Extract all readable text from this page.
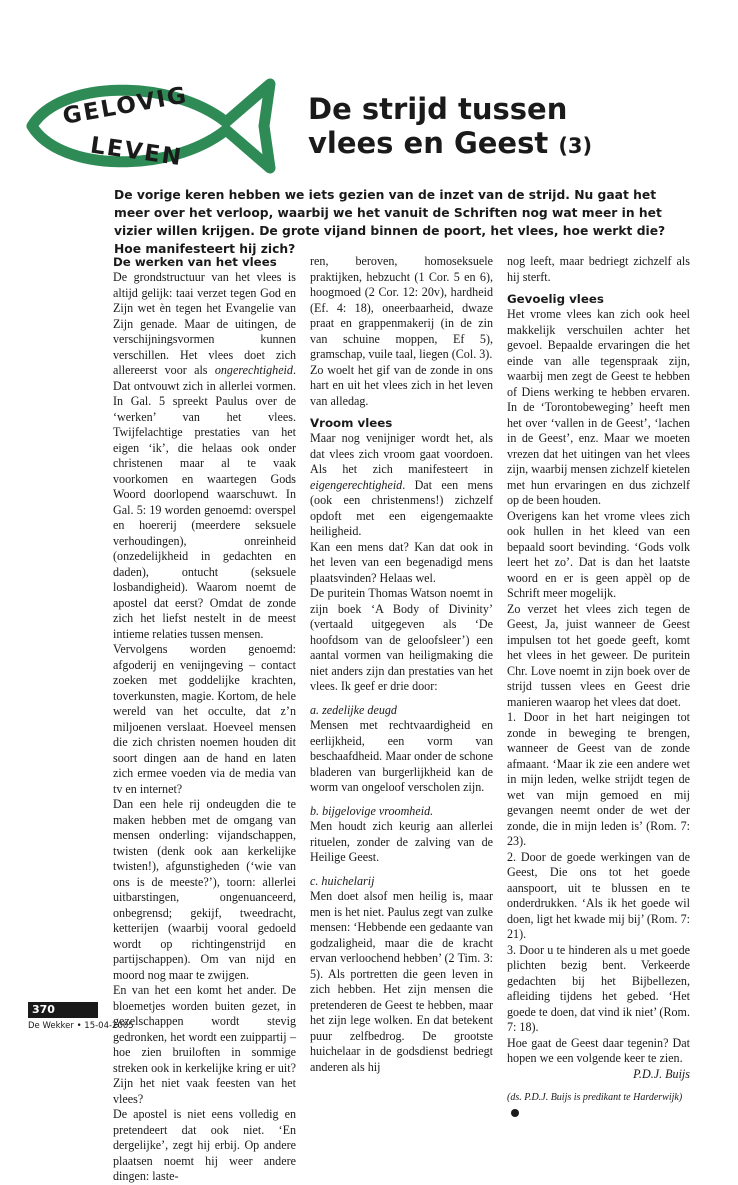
GELOVIG
LEVEN
De strijd tussen
vlees en Geest (3)

De vorige keren hebben we iets gezien van de inzet van de strijd. Nu gaat het meer over het verloop, waarbij we het vanuit de Schriften nog wat meer in het vizier willen krijgen. De grote vijand binnen de poort, het vlees, hoe werkt die? Hoe manifesteert hij zich?

De werken van het vlees

De grondstructuur van het vlees is altijd gelijk: taai verzet tegen God en Zijn wet èn tegen het Evangelie van Zijn genade. Maar de uitingen, de verschijningsvormen kunnen verschillen. Het vlees doet zich allereerst voor als ongerechtigheid. Dat ontvouwt zich in allerlei vormen. In Gal. 5 spreekt Paulus over de ‘werken’ van het vlees. Twijfelachtige prestaties van het eigen ‘ik’, die helaas ook onder christenen maar al te vaak voorkomen en waartegen Gods Woord doorlopend waarschuwt. In Gal. 5: 19 worden genoemd: overspel en hoererij (meerdere seksuele verhoudingen), onreinheid (onzedelijkheid in gedachten en daden), ontucht (seksuele losbandigheid). Waarom noemt de apostel dat eerst? Omdat de zonde zich het liefst nestelt in de meest intieme relaties tussen mensen.

Vervolgens worden genoemd: afgoderij en venijngeving – contact zoeken met goddelijke krachten, toverkunsten, magie. Kortom, de hele wereld van het occulte, dat z’n miljoenen verslaat. Hoeveel mensen die zich christen noemen houden dit soort dingen aan de hand en laten zich ermee voeden via de media van tv en internet?

Dan een hele rij ondeugden die te maken hebben met de omgang van mensen onderling: vijandschappen, twisten (denk ook aan kerkelijke twisten!), afgunstigheden (‘wie van ons is de meeste?’), toorn: allerlei uitbarstingen, ongenuanceerd, onbegrensd; gekijf, tweedracht, ketterijen (waarbij vooral gedoeld wordt op richtingenstrijd en partijschappen). Om van nijd en moord nog maar te zwijgen.

En van het een komt het ander. De bloemetjes worden buiten gezet, in gezelschappen wordt stevig gedronken, het wordt een zuippartij – hoe zien bruiloften in sommige streken ook in kerkelijke kring er uit? Zijn het niet vaak feesten van het vlees?

De apostel is niet eens volledig en pretendeert dat ook niet. ‘En dergelijke’, zegt hij erbij. Op andere plaatsen noemt hij weer andere dingen: laste-

ren, beroven, homoseksuele praktijken, hebzucht (1 Cor. 5 en 6), hoogmoed (2 Cor. 12: 20v), hardheid (Ef. 4: 18), oneerbaarheid, dwaze praat en grappenmakerij (in de zin van schuine moppen, Ef 5), gramschap, vuile taal, liegen (Col. 3).

Zo woelt het gif van de zonde in ons hart en uit het vlees zich in het leven van alledag.

Vroom vlees

Maar nog venijniger wordt het, als dat vlees zich vroom gaat voordoen. Als het zich manifesteert in eigengerechtigheid. Dat een mens (ook een christenmens!) zichzelf opdoft met een eigengemaakte heiligheid.

Kan een mens dat? Kan dat ook in het leven van een begenadigd mens plaatsvinden? Helaas wel.

De puritein Thomas Watson noemt in zijn boek ‘A Body of Divinity’ (vertaald uitgegeven als ‘De hoofdsom van de geloofsleer’) een aantal vormen van heiligmaking die niet anders zijn dan prestaties van het vlees. Ik geef er drie door:

a. zedelijke deugd

Mensen met rechtvaardigheid en eerlijkheid, een vorm van beschaafdheid. Maar onder de schone bladeren van burgerlijkheid kan de worm van ongeloof verscholen zijn.

b. bijgelovige vroomheid.

Men houdt zich keurig aan allerlei rituelen, zonder de zalving van de Heilige Geest.

c. huichelarij

Men doet alsof men heilig is, maar men is het niet. Paulus zegt van zulke mensen: ‘Hebbende een gedaante van godzaligheid, maar die de kracht ervan verloochend hebben’ (2 Tim. 3: 5). Als portretten die geen leven in zich hebben. Het zijn mensen die pretenderen de Geest te hebben, maar het zijn lege wolken. En dat betekent puur zelfbedrog. De grootste huichelaar in de godsdienst bedriegt anderen als hij

nog leeft, maar bedriegt zichzelf als hij sterft.

Gevoelig vlees

Het vrome vlees kan zich ook heel makkelijk verschuilen achter het gevoel. Bepaalde ervaringen die het einde van alle tegenspraak zijn, waarbij men zegt de Geest te hebben of Diens werking te hebben ervaren. In de ‘Torontobeweging’ heeft men het over ‘vallen in de Geest’, ‘lachen in de Geest’, enz. Maar we moeten vrezen dat het uitingen van het vlees zijn, waarbij mensen zichzelf kietelen met hun ervaringen en dus zichzelf op de been houden.

Overigens kan het vrome vlees zich ook hullen in het kleed van een bepaald soort bevinding. ‘Gods volk leert het zo’. Dat is dan het laatste woord en er is geen appèl op de Schrift meer mogelijk.

Zo verzet het vlees zich tegen de Geest, Ja, juist wanneer de Geest impulsen tot het goede geeft, komt het vlees in het geweer. De puritein Chr. Love noemt in zijn boek over de strijd tussen vlees en Geest drie manieren waarop het vlees dat doet.

1. Door in het hart neigingen tot zonde in beweging te brengen, wanneer de Geest van de zonde afmaant. ‘Maar ik zie een andere wet in mijn leden, welke strijdt tegen de wet van mijn gemoed en mij gevangen neemt onder de wet der zonde, die in mijn leden is’ (Rom. 7: 23).

2. Door de goede werkingen van de Geest, Die ons tot het goede aanspoort, uit te blussen en te onderdrukken. ‘Als ik het goede wil doen, ligt het kwade mij bij’ (Rom. 7: 21).

3. Door u te hinderen als u met goede plichten bezig bent. Verkeerde gedachten bij het Bijbellezen, afleiding tijdens het gebed. ‘Het goede te doen, dat vind ik niet’ (Rom. 7: 18).

Hoe gaat de Geest daar tegenin? Dat hopen we een volgende keer te zien.

P.D.J. Buijs

(ds. P.D.J. Buijs is predikant te Harderwijk)

370
De Wekker • 15-04-2005
